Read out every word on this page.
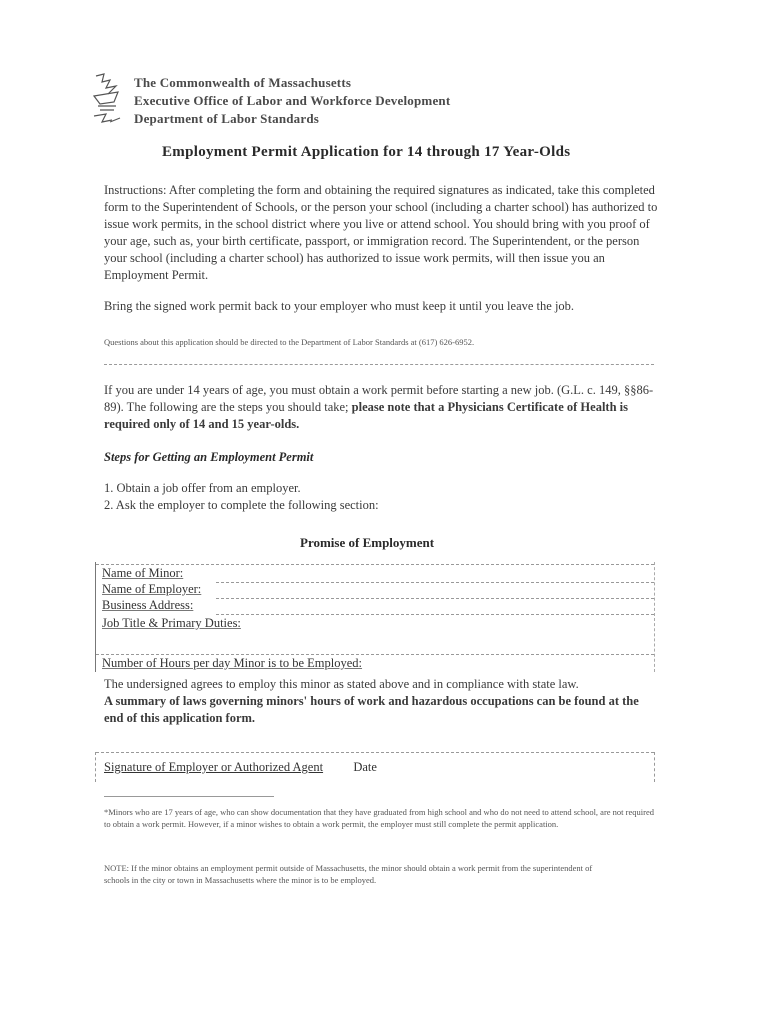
The Commonwealth of Massachusetts
Executive Office of Labor and Workforce Development
Department of Labor Standards
Employment Permit Application for 14 through 17 Year-Olds
Instructions: After completing the form and obtaining the required signatures as indicated, take this completed form to the Superintendent of Schools, or the person your school (including a charter school) has authorized to issue work permits, in the school district where you live or attend school. You should bring with you proof of your age, such as, your birth certificate, passport, or immigration record. The Superintendent, or the person your school (including a charter school) has authorized to issue work permits, will then issue you an Employment Permit.
Bring the signed work permit back to your employer who must keep it until you leave the job.
Questions about this application should be directed to the Department of Labor Standards at (617) 626-6952.
If you are under 14 years of age, you must obtain a work permit before starting a new job. (G.L. c. 149, §§86-89). The following are the steps you should take; please note that a Physicians Certificate of Health is required only of 14 and 15 year-olds.
Steps for Getting an Employment Permit
1. Obtain a job offer from an employer.
2. Ask the employer to complete the following section:
Promise of Employment
Name of Minor:
Name of Employer:
Business Address:
Job Title & Primary Duties:
Number of Hours per day Minor is to be Employed:
The undersigned agrees to employ this minor as stated above and in compliance with state law.
A summary of laws governing minors' hours of work and hazardous occupations can be found at the end of this application form.
Signature of Employer or Authorized Agent Date
*Minors who are 17 years of age, who can show documentation that they have graduated from high school and who do not need to attend school, are not required to obtain a work permit. However, if a minor wishes to obtain a work permit, the employer must still complete the permit application.
NOTE: If the minor obtains an employment permit outside of Massachusetts, the minor should obtain a work permit from the superintendent of schools in the city or town in Massachusetts where the minor is to be employed.
